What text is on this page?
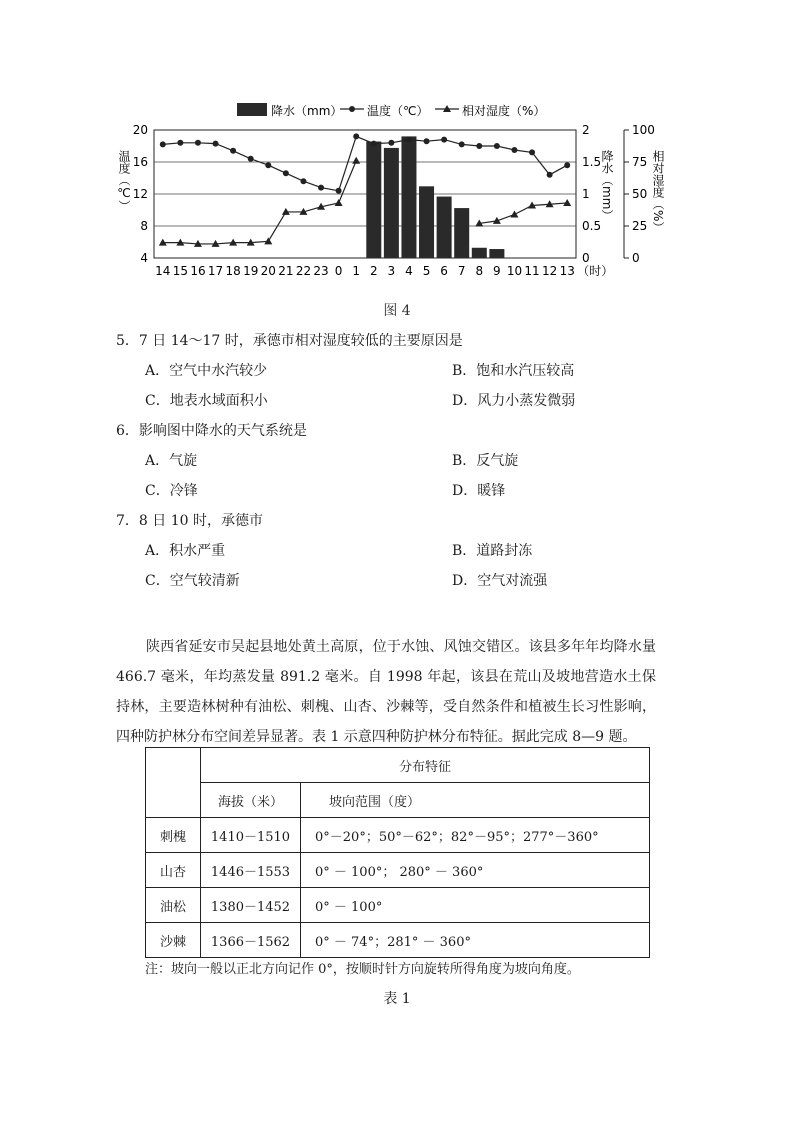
降水（mm） 温度（℃）	相对湿度（%）
20
16
12
8
4
2
1.5
1
0.5
0
100
75
50
25
0
温度（℃）	降水（mm）	相对湿度（%）
14 15 16 17 18 19 20 21 22 23 0 1 2 3 4 5 6 7 8 9 10 11 12 13 （时）
图 4
5．7 日 14～17 时，承德市相对湿度较低的主要原因是
A．空气中水汽较少	B．饱和水汽压较高
C．地表水域面积小	D．风力小蒸发微弱
6．影响图中降水的天气系统是
A．气旋	B．反气旋
C．冷锋	D．暖锋
7．8 日 10 时，承德市
A．积水严重	B．道路封冻
C．空气较清新	D．空气对流强
陕西省延安市吴起县地处黄土高原，位于水蚀、风蚀交错区。该县多年年均降水量 466.7 毫米，年均蒸发量 891.2 毫米。自 1998 年起，该县在荒山及坡地营造水土保持林，主要造林树种有油松、刺槐、山杏、沙棘等，受自然条件和植被生长习性影响，四种防护林分布空间差异显著。表 1 示意四种防护林分布特征。据此完成 8—9 题。
	分布特征	
	海拔（米）	坡向范围（度）
刺槐	1410－1510	0°－20°；50°－62°；82°－95°；277°－360°
山杏	1446－1553	0° － 100°； 280° － 360°
油松	1380－1452	0° － 100°
沙棘	1366－1562	0° － 74°；281° － 360°
注：坡向一般以正北方向记作 0°，按顺时针方向旋转所得角度为坡向角度。
表 1
